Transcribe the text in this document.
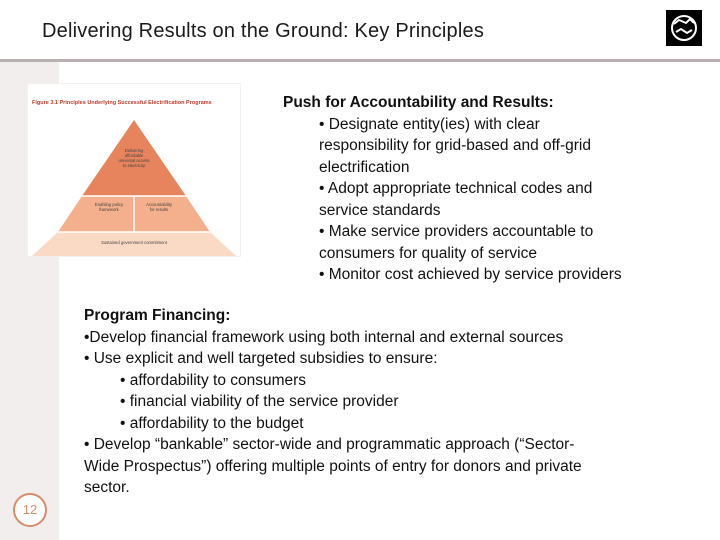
Delivering Results on the Ground: Key Principles
12
Figure 3.1 Principles Underlying Successful Electrification Programs
Delivering
affordable
universal access
to electricity
Enabling policy
framework
Accountability
for results
Sustained government commitment
Push for Accountability and Results:
• Designate entity(ies) with clear
responsibility for grid-based and off-grid
electrification
• Adopt appropriate technical codes and
service standards
• Make service providers accountable to
consumers for quality of service
• Monitor cost achieved by service providers
Program Financing:
•Develop financial framework using both internal and external sources
• Use explicit and well targeted subsidies to ensure:
• affordability to consumers
• financial viability of the service provider
• affordability to the budget
• Develop “bankable” sector-wide and programmatic approach (“Sector-
Wide Prospectus”) offering multiple points of entry for donors and private
sector.
